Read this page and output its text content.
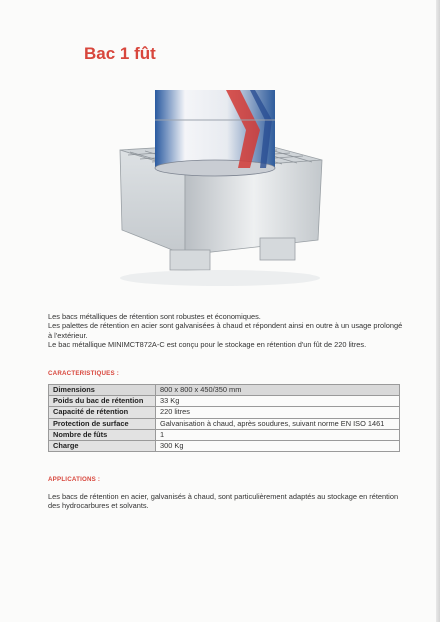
Bac 1 fût

Les bacs métalliques de rétention sont robustes et économiques.

Les palettes de rétention en acier sont galvanisées à chaud et répondent ainsi en outre à un usage prolongé à l'extérieur.

Le bac métallique MINIMCT872A-C est conçu pour le stockage en rétention d'un fût de 220 litres.

CARACTERISTIQUES :
Dimensions	800 x 800 x 450/350 mm
Poids du bac de rétention	33 Kg
Capacité de rétention	220 litres
Protection de surface	Galvanisation à chaud, après soudures, suivant norme EN ISO 1461
Nombre de fûts	1
Charge	300 Kg
APPLICATIONS :

Les bacs de rétention en acier, galvanisés à chaud, sont particulièrement adaptés au stockage en rétention des hydrocarbures et solvants.
